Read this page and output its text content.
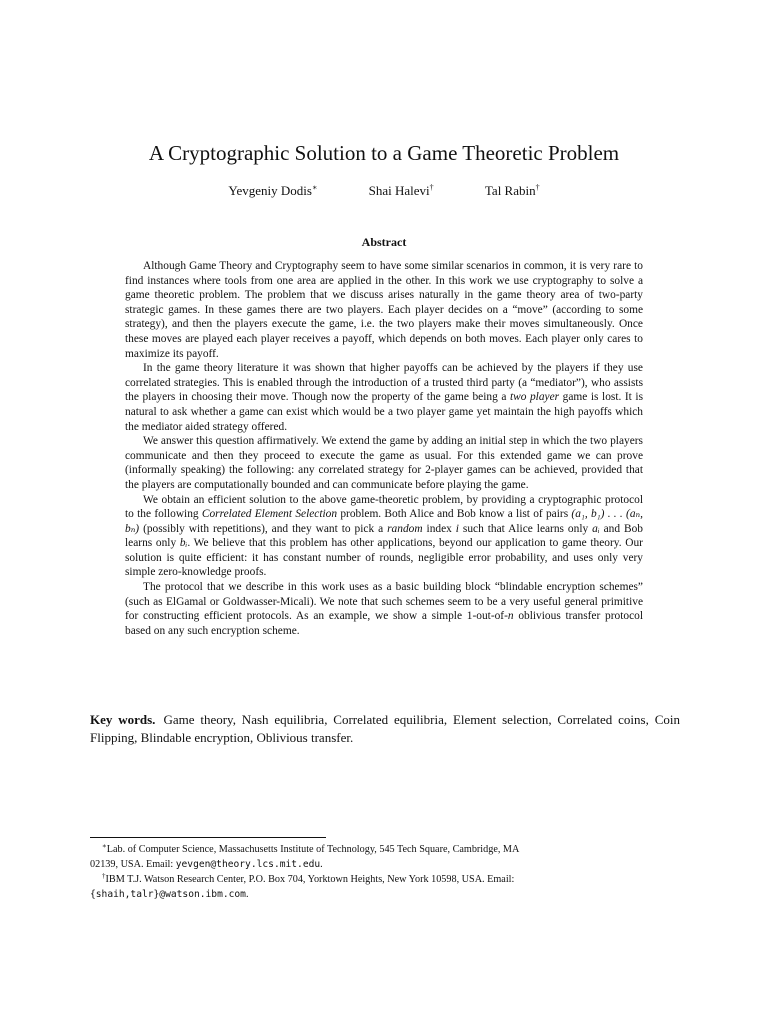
A Cryptographic Solution to a Game Theoretic Problem
Yevgeniy Dodis∗	Shai Halevi†	Tal Rabin†
Abstract

Although Game Theory and Cryptography seem to have some similar scenarios in common, it is very rare to find instances where tools from one area are applied in the other. In this work we use cryptography to solve a game theoretic problem. The problem that we discuss arises naturally in the game theory area of two-party strategic games. In these games there are two players. Each player decides on a “move” (according to some strategy), and then the players execute the game, i.e. the two players make their moves simultaneously. Once these moves are played each player receives a payoff, which depends on both moves. Each player only cares to maximize its payoff.

In the game theory literature it was shown that higher payoffs can be achieved by the players if they use correlated strategies. This is enabled through the introduction of a trusted third party (a “mediator”), who assists the players in choosing their move. Though now the property of the game being a two player game is lost. It is natural to ask whether a game can exist which would be a two player game yet maintain the high payoffs which the mediator aided strategy offered.

We answer this question affirmatively. We extend the game by adding an initial step in which the two players communicate and then they proceed to execute the game as usual. For this extended game we can prove (informally speaking) the following: any correlated strategy for 2-player games can be achieved, provided that the players are computationally bounded and can communicate before playing the game.

We obtain an efficient solution to the above game-theoretic problem, by providing a cryptographic protocol to the following Correlated Element Selection problem. Both Alice and Bob know a list of pairs (a₁, b₁) . . . (aₙ, bₙ) (possibly with repetitions), and they want to pick a random index i such that Alice learns only aᵢ and Bob learns only bᵢ. We believe that this problem has other applications, beyond our application to game theory. Our solution is quite efficient: it has constant number of rounds, negligible error probability, and uses only very simple zero-knowledge proofs.

The protocol that we describe in this work uses as a basic building block “blindable encryption schemes” (such as ElGamal or Goldwasser-Micali). We note that such schemes seem to be a very useful general primitive for constructing efficient protocols. As an example, we show a simple 1-out-of-n oblivious transfer protocol based on any such encryption scheme.

Key words. Game theory, Nash equilibria, Correlated equilibria, Element selection, Correlated coins, Coin Flipping, Blindable encryption, Oblivious transfer.

∗Lab. of Computer Science, Massachusetts Institute of Technology, 545 Tech Square, Cambridge, MA 02139, USA. Email: yevgen@theory.lcs.mit.edu.

†IBM T.J. Watson Research Center, P.O. Box 704, Yorktown Heights, New York 10598, USA. Email: {shaih,talr}@watson.ibm.com.
